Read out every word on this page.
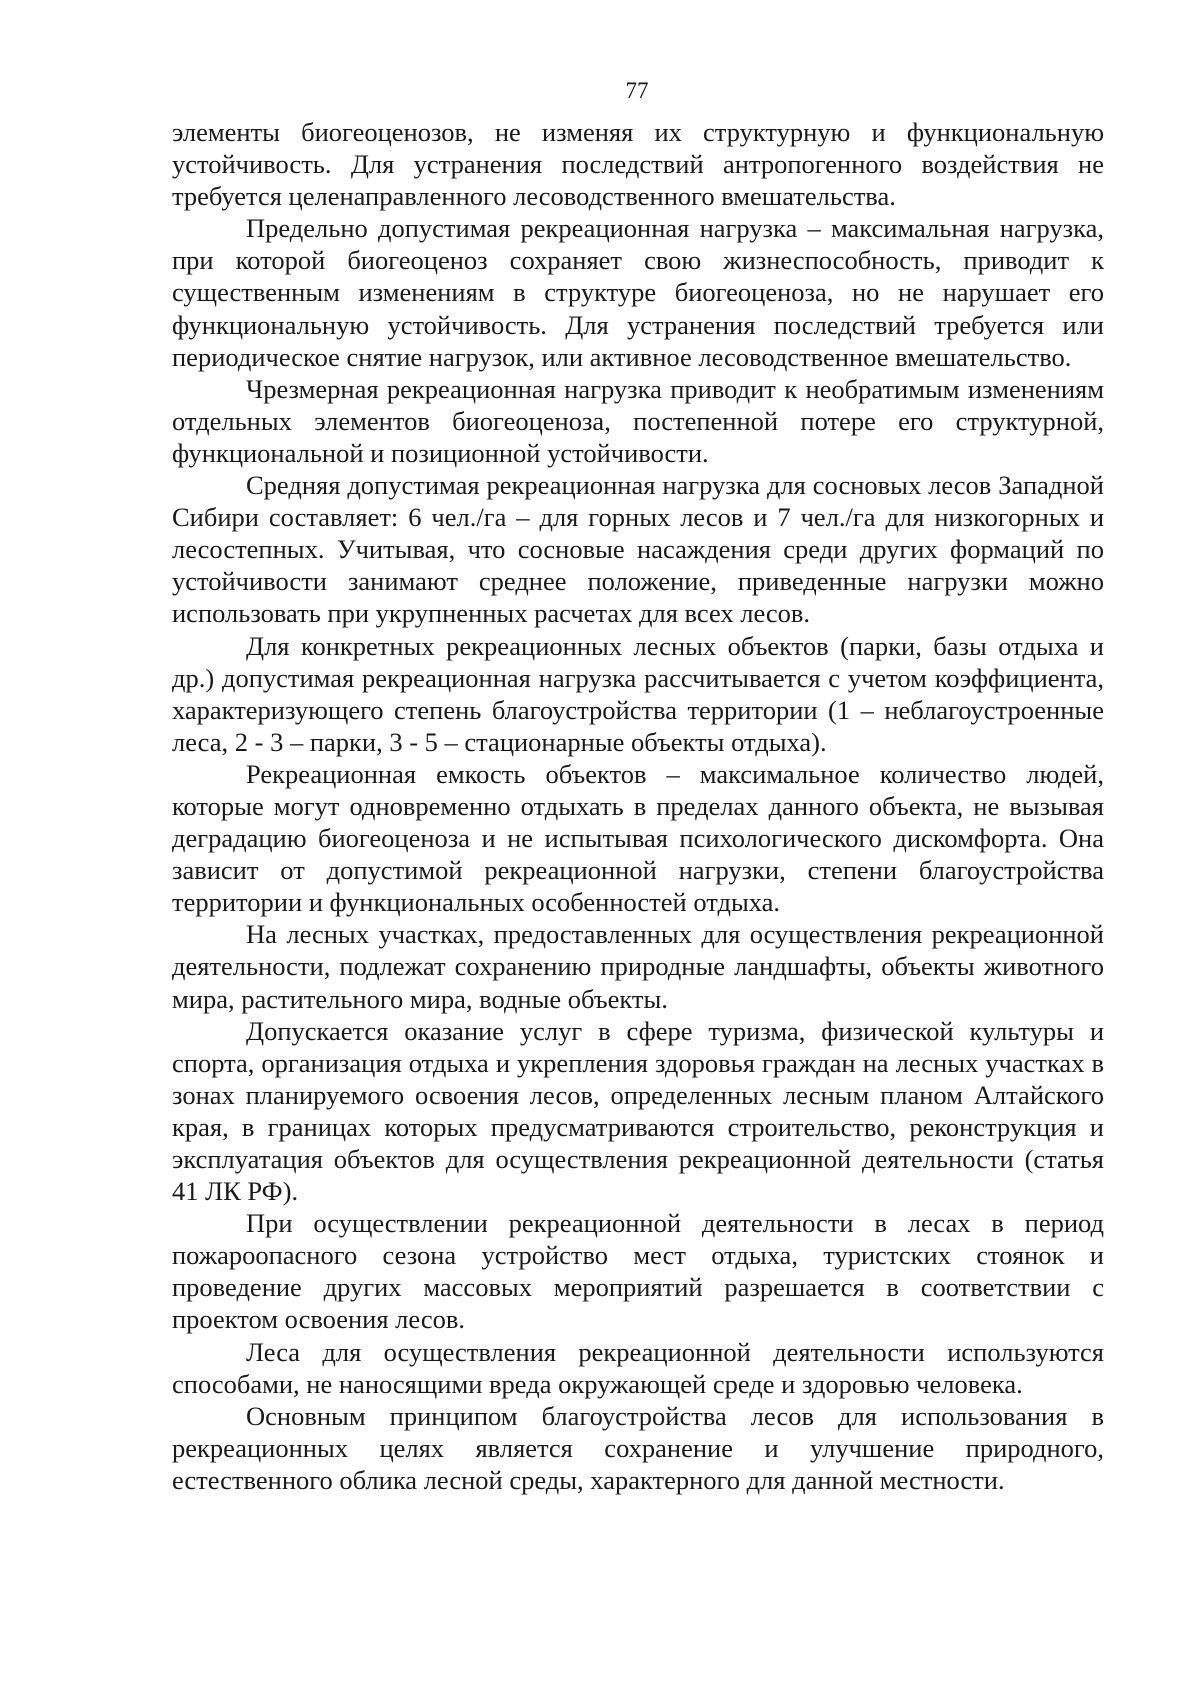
77

элементы биогеоценозов, не изменяя их структурную и функциональную устойчивость. Для устранения последствий антропогенного воздействия не требуется целенаправленного лесоводственного вмешательства.

Предельно допустимая рекреационная нагрузка – максимальная нагрузка, при которой биогеоценоз сохраняет свою жизнеспособность, приводит к существенным изменениям в структуре биогеоценоза, но не нарушает его функциональную устойчивость. Для устранения последствий требуется или периодическое снятие нагрузок, или активное лесоводственное вмешательство.

Чрезмерная рекреационная нагрузка приводит к необратимым изменениям отдельных элементов биогеоценоза, постепенной потере его структурной, функциональной и позиционной устойчивости.

Средняя допустимая рекреационная нагрузка для сосновых лесов Западной Сибири составляет: 6 чел./га – для горных лесов и 7 чел./га для низкогорных и лесостепных. Учитывая, что сосновые насаждения среди других формаций по устойчивости занимают среднее положение, приведенные нагрузки можно использовать при укрупненных расчетах для всех лесов.

Для конкретных рекреационных лесных объектов (парки, базы отдыха и др.) допустимая рекреационная нагрузка рассчитывается с учетом коэффициента, характеризующего степень благоустройства территории (1 – неблагоустроенные леса, 2 - 3 – парки, 3 - 5 – стационарные объекты отдыха).

Рекреационная емкость объектов – максимальное количество людей, которые могут одновременно отдыхать в пределах данного объекта, не вызывая деградацию биогеоценоза и не испытывая психологического дискомфорта. Она зависит от допустимой рекреационной нагрузки, степени благоустройства территории и функциональных особенностей отдыха.

На лесных участках, предоставленных для осуществления рекреационной деятельности, подлежат сохранению природные ландшафты, объекты животного мира, растительного мира, водные объекты.

Допускается оказание услуг в сфере туризма, физической культуры и спорта, организация отдыха и укрепления здоровья граждан на лесных участках в зонах планируемого освоения лесов, определенных лесным планом Алтайского края, в границах которых предусматриваются строительство, реконструкция и эксплуатация объектов для осуществления рекреационной деятельности (статья 41 ЛК РФ).

При осуществлении рекреационной деятельности в лесах в период пожароопасного сезона устройство мест отдыха, туристских стоянок и проведение других массовых мероприятий разрешается в соответствии с проектом освоения лесов.

Леса для осуществления рекреационной деятельности используются способами, не наносящими вреда окружающей среде и здоровью человека.

Основным принципом благоустройства лесов для использования в рекреационных целях является сохранение и улучшение природного, естественного облика лесной среды, характерного для данной местности.
